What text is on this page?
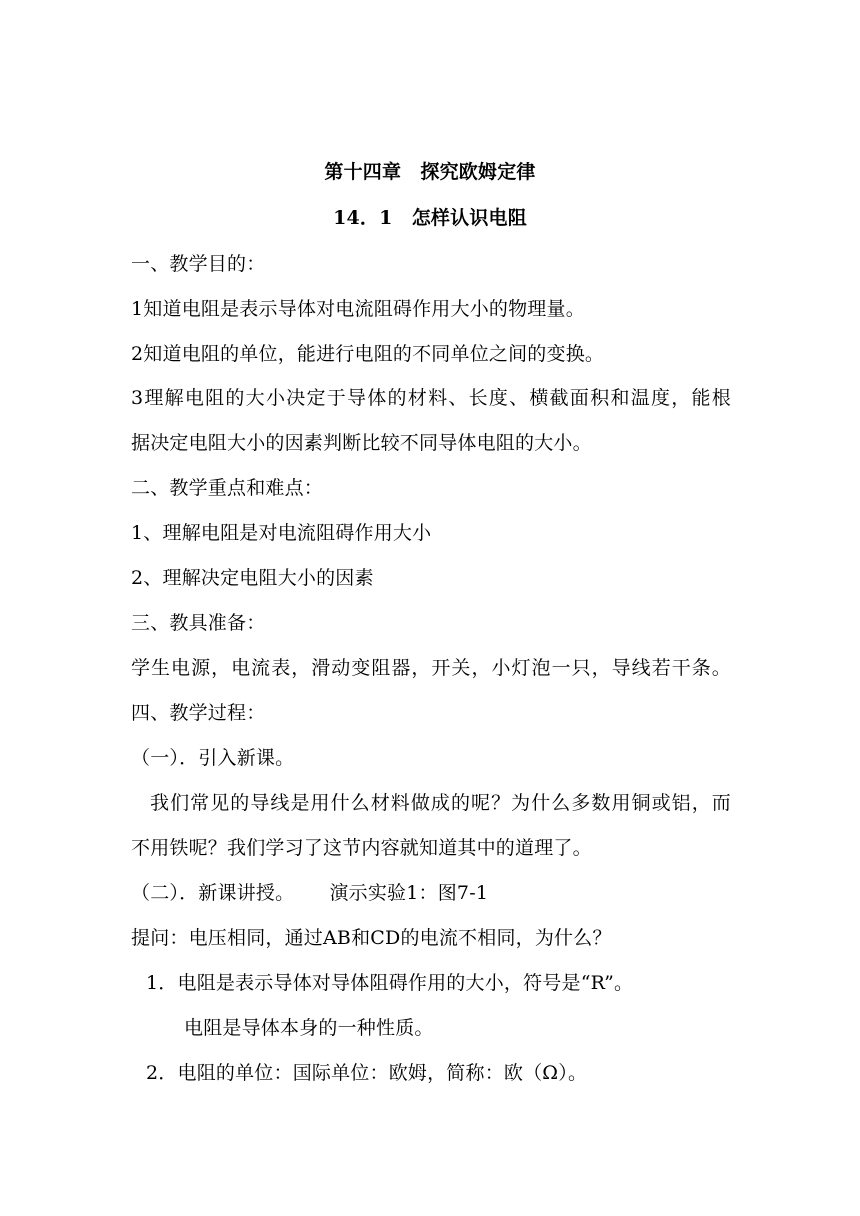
第十四章　探究欧姆定律
14．1　怎样认识电阻
一、教学目的：
1知道电阻是表示导体对电流阻碍作用大小的物理量。
2知道电阻的单位，能进行电阻的不同单位之间的变换。
3理解电阻的大小决定于导体的材料、长度、横截面积和温度，能根
据决定电阻大小的因素判断比较不同导体电阻的大小。
二、教学重点和难点：
1、理解电阻是对电流阻碍作用大小
2、理解决定电阻大小的因素
三、教具准备：
学生电源，电流表，滑动变阻器，开关，小灯泡一只，导线若干条。
四、教学过程：
（一）．引入新课。
我们常见的导线是用什么材料做成的呢？为什么多数用铜或铝，而
不用铁呢？我们学习了这节内容就知道其中的道理了。
（二）．新课讲授。　　 演示实验1：图7-1
提问：电压相同，通过AB和CD的电流不相同，为什么？
1．电阻是表示导体对导体阻碍作用的大小，符号是“R”。
电阻是导体本身的一种性质。
2．电阻的单位：国际单位：欧姆，简称：欧（Ω）。
